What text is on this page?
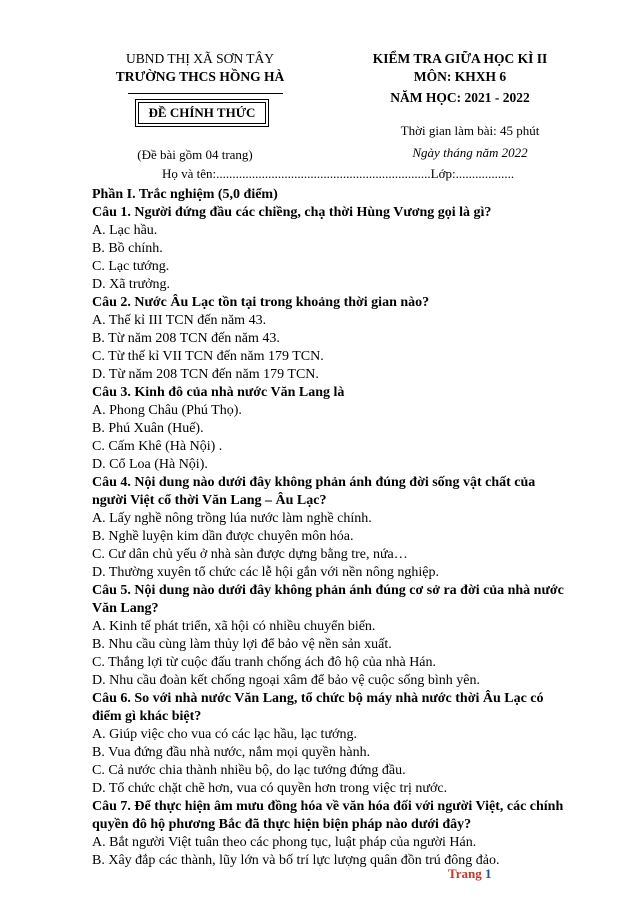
UBND THỊ XÃ SƠN TÂY
TRƯỜNG THCS HỒNG HÀ
ĐỀ CHÍNH THỨC
(Đề bài gồm 04 trang)
KIỂM TRA GIỮA HỌC KÌ II
MÔN: KHXH 6
NĂM HỌC: 2021 - 2022
Thời gian làm bài: 45 phút
Ngày tháng năm 2022
Họ và tên:..................................................................Lớp:..................
Phần I. Trắc nghiệm (5,0 điểm)
Câu 1. Người đứng đầu các chiềng, chạ thời Hùng Vương gọi là gì?
A. Lạc hầu.
B. Bồ chính.
C. Lạc tướng.
D. Xã trưởng.
Câu 2. Nước Âu Lạc tồn tại trong khoảng thời gian nào?
A. Thế kỉ III TCN đến năm 43.
B. Từ năm 208 TCN đến năm 43.
C. Từ thế kỉ VII TCN đến năm 179 TCN.
D. Từ năm 208 TCN đến năm 179 TCN.
Câu 3. Kinh đô của nhà nước Văn Lang là
A. Phong Châu (Phú Thọ).
B. Phú Xuân (Huế).
C. Cấm Khê (Hà Nội) .
D. Cổ Loa (Hà Nội).
Câu 4. Nội dung nào dưới đây không phản ánh đúng đời sống vật chất của người Việt cổ thời Văn Lang – Âu Lạc?
A. Lấy nghề nông trồng lúa nước làm nghề chính.
B. Nghề luyện kim dần được chuyên môn hóa.
C. Cư dân chủ yếu ở nhà sàn được dựng bằng tre, nứa…
D. Thường xuyên tổ chức các lễ hội gắn với nền nông nghiệp.
Câu 5. Nội dung nào dưới đây không phản ánh đúng cơ sở ra đời của nhà nước Văn Lang?
A. Kinh tế phát triển, xã hội có nhiều chuyển biến.
B. Nhu cầu cùng làm thủy lợi để bảo vệ nền sản xuất.
C. Thắng lợi từ cuộc đấu tranh chống ách đô hộ của nhà Hán.
D. Nhu cầu đoàn kết chống ngoại xâm để bảo vệ cuộc sống bình yên.
Câu 6. So với nhà nước Văn Lang, tổ chức bộ máy nhà nước thời Âu Lạc có điểm gì khác biệt?
A. Giúp việc cho vua có các lạc hầu, lạc tướng.
B. Vua đứng đầu nhà nước, nắm mọi quyền hành.
C. Cả nước chia thành nhiều bộ, do lạc tướng đứng đầu.
D. Tổ chức chặt chẽ hơn, vua có quyền hơn trong việc trị nước.
Câu 7. Để thực hiện âm mưu đồng hóa về văn hóa đối với người Việt, các chính quyền đô hộ phương Bắc đã thực hiện biện pháp nào dưới đây?
A. Bắt người Việt tuân theo các phong tục, luật pháp của người Hán.
B. Xây đắp các thành, lũy lớn và bố trí lực lượng quân đồn trú đông đảo.
Trang 1
